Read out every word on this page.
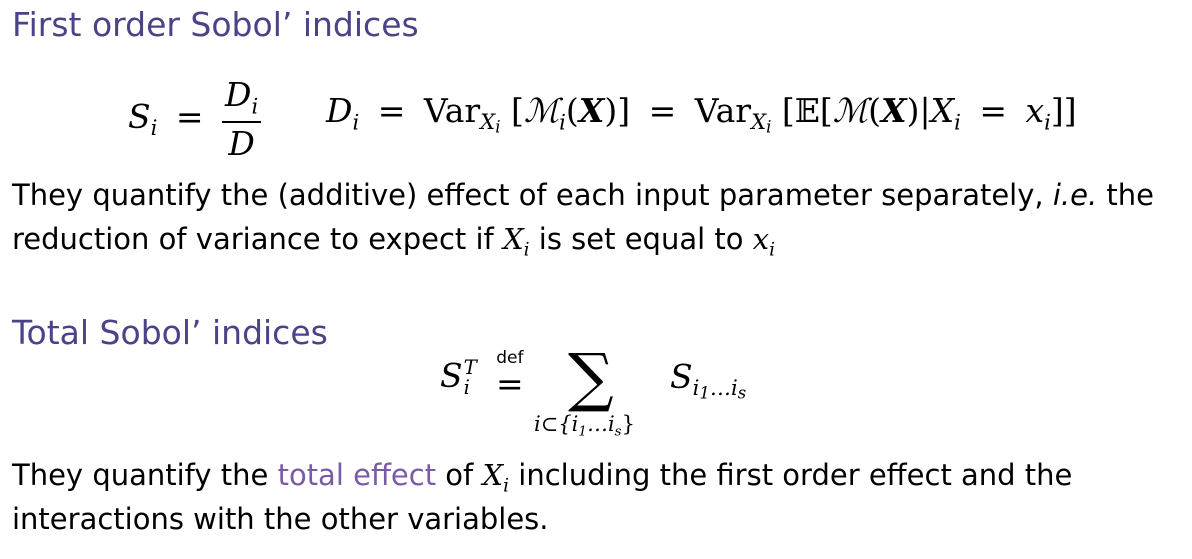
First order Sobol’ indices
$S_i = \frac{D_i}{D} D_i = Var_{Xi}$ [ℳ$_i$(X)] = Var$_{Xi}$ $[𝔼[ℳ(X)|X_i = x_i]]$
They quantify the (additive) effect of each input parameter separately, i.e. the
reduction of variance to expect if $X_i$ is set equal to $x_i$
Total Sobol’ indices
S T
i
def
= ∑
$i\subset\{i_1\dots i_s\}$
$S_{i1\dots is}$
They quantify the total effect of $X_i$ including the first order effect and the
interactions with the other variables.
